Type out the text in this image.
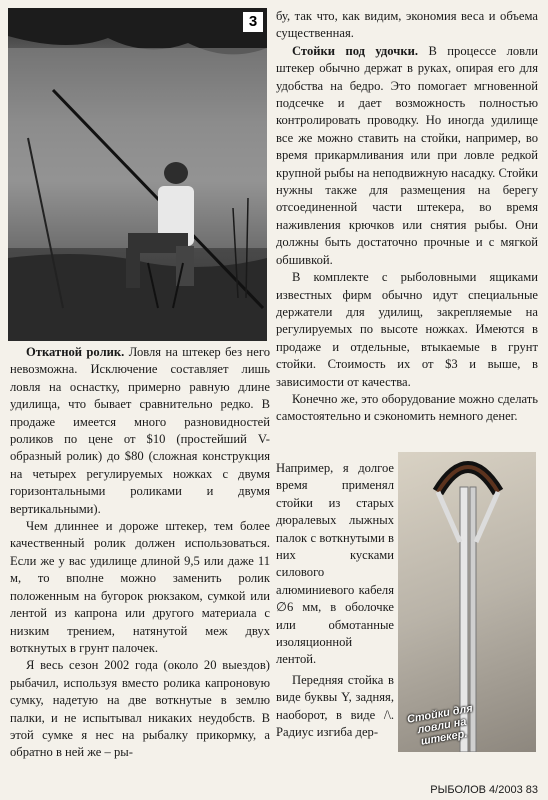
3

Откатной ролик. Ловля на штекер без него невозможна. Исключение составляет лишь ловля на оснастку, примерно равную длине удилища, что бывает сравнительно редко. В продаже имеется много разновидностей роликов по цене от $10 (простейший V-образный ролик) до $80 (сложная конструкция на четырех регулируемых ножках с двумя горизонтальными роликами и двумя вертикальными).

Чем длиннее и дороже штекер, тем более качественный ролик должен использоваться. Если же у вас удилище длиной 9,5 или даже 11 м, то вполне можно заменить ролик положенным на бугорок рюкзаком, сумкой или лентой из капрона или другого материала с низким трением, натянутой меж двух воткнутых в грунт палочек.

Я весь сезон 2002 года (около 20 выездов) рыбачил, используя вместо ролика капроновую сумку, надетую на две воткнутые в землю палки, и не испытывал никаких неудобств. В этой сумке я нес на рыбалку прикормку, а обратно в ней же – ры-

бу, так что, как видим, экономия веса и объема существенная.

Стойки под удочки. В процессе ловли штекер обычно держат в руках, опирая его для удобства на бедро. Это помогает мгновенной подсечке и дает возможность полностью контролировать проводку. Но иногда удилище все же можно ставить на стойки, например, во время прикармливания или при ловле редкой крупной рыбы на неподвижную насадку. Стойки нужны также для размещения на берегу отсоединенной части штекера, во время наживления крючков или снятия рыбы. Они должны быть достаточно прочные и с мягкой обшивкой.

В комплекте с рыболовными ящиками известных фирм обычно идут специальные держатели для удилищ, закрепляемые на регулируемых по высоте ножках. Имеются в продаже и отдельные, втыкаемые в грунт стойки. Стоимость их от $3 и выше, в зависимости от качества.

Конечно же, это оборудование можно сделать самостоятельно и сэкономить немного денег.

Например, я долгое время применял стойки из старых дюралевых лыжных палок с воткнутыми в них кусками силового алюминиевого кабеля ∅6 мм, в оболочке или обмотанные изоляционной лентой.

Стойки для ловли на штекер.

Передняя стойка в виде буквы Y, задняя, наоборот, в виде /\. Радиус изгиба дер-

РЫБОЛОВ 4/2003 83
